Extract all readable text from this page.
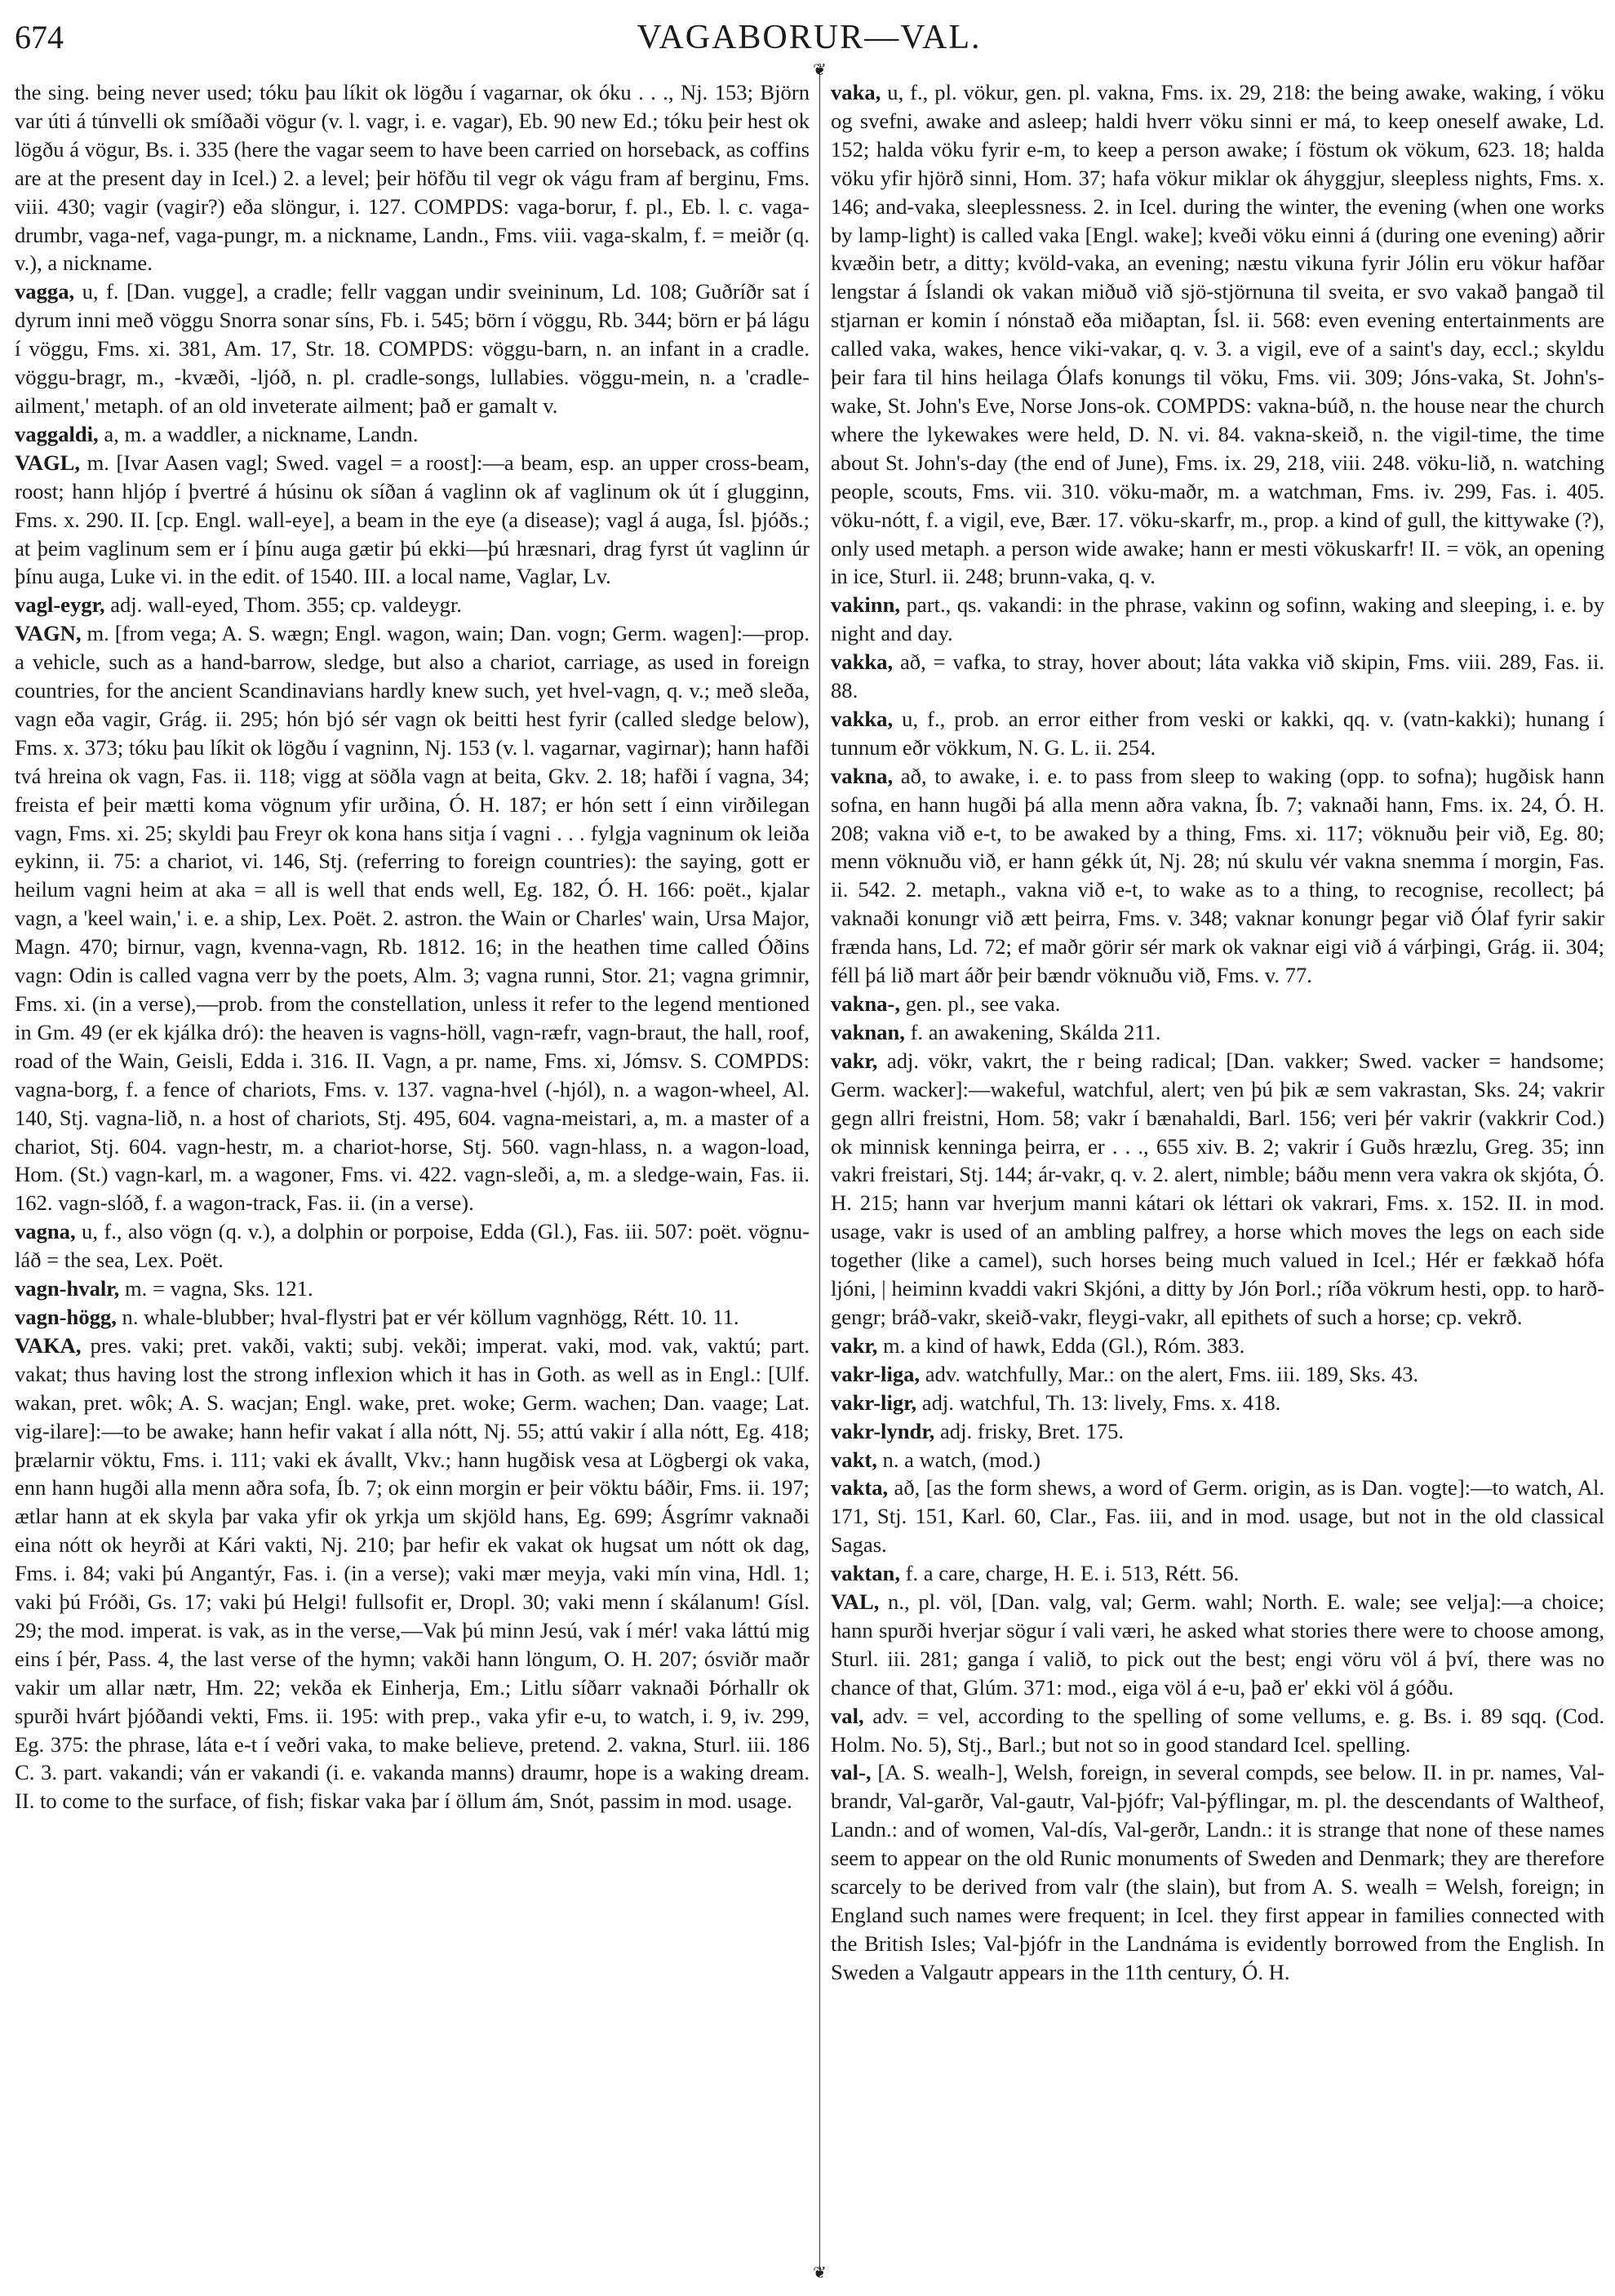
674	VAGABORUR—VAL.

the sing. being never used; tóku þau líkit ok lögðu í vagarnar, ok óku . . ., Nj. 153; Björn var úti á túnvelli ok smíðaði vögur (v. l. vagr, i. e. vagar), Eb. 90 new Ed.; tóku þeir hest ok lögðu á vögur, Bs. i. 335 (here the vagar seem to have been carried on horseback, as coffins are at the present day in Icel.) 2. a level; þeir höfðu til vegr ok vágu fram af berginu, Fms. viii. 430; vagir (vagir?) eða slöngur, i. 127. COMPDS: vaga-borur, f. pl., Eb. l. c. vaga-drumbr, vaga-nef, vaga-pungr, m. a nickname, Landn., Fms. viii. vaga-skalm, f. = meiðr (q. v.), a nickname.

vagga, u, f. [Dan. vugge], a cradle; fellr vaggan undir sveininum, Ld. 108; Guðríðr sat í dyrum inni með vöggu Snorra sonar síns, Fb. i. 545; börn í vöggu, Rb. 344; börn er þá lágu í vöggu, Fms. xi. 381, Am. 17, Str. 18. COMPDS: vöggu-barn, n. an infant in a cradle. vöggu-bragr, m., -kvæði, -ljóð, n. pl. cradle-songs, lullabies. vöggu-mein, n. a 'cradle-ailment,' metaph. of an old inveterate ailment; það er gamalt v.

vaggaldi, a, m. a waddler, a nickname, Landn.

VAGL, m. [Ivar Aasen vagl; Swed. vagel = a roost]:—a beam, esp. an upper cross-beam, roost; hann hljóp í þvertré á húsinu ok síðan á vaglinn ok af vaglinum ok út í glugginn, Fms. x. 290. II. [cp. Engl. wall-eye], a beam in the eye (a disease); vagl á auga, Ísl. þjóðs.; at þeim vaglinum sem er í þínu auga gætir þú ekki—þú hræsnari, drag fyrst út vaglinn úr þínu auga, Luke vi. in the edit. of 1540. III. a local name, Vaglar, Lv.

vagl-eygr, adj. wall-eyed, Thom. 355; cp. valdeygr.

VAGN, m. [from vega; A. S. wægn; Engl. wagon, wain; Dan. vogn; Germ. wagen]:—prop. a vehicle, such as a hand-barrow, sledge, but also a chariot, carriage, as used in foreign countries, for the ancient Scandinavians hardly knew such, yet hvel-vagn, q. v.; með sleða, vagn eða vagir, Grág. ii. 295; hón bjó sér vagn ok beitti hest fyrir (called sledge below), Fms. x. 373; tóku þau líkit ok lögðu í vagninn, Nj. 153 (v. l. vagarnar, vagirnar); hann hafði tvá hreina ok vagn, Fas. ii. 118; vigg at söðla vagn at beita, Gkv. 2. 18; hafði í vagna, 34; freista ef þeir mætti koma vögnum yfir urðina, Ó. H. 187; er hón sett í einn virðilegan vagn, Fms. xi. 25; skyldi þau Freyr ok kona hans sitja í vagni . . . fylgja vagninum ok leiða eykinn, ii. 75: a chariot, vi. 146, Stj. (referring to foreign countries): the saying, gott er heilum vagni heim at aka = all is well that ends well, Eg. 182, Ó. H. 166: poët., kjalar vagn, a 'keel wain,' i. e. a ship, Lex. Poët. 2. astron. the Wain or Charles' wain, Ursa Major, Magn. 470; birnur, vagn, kvenna-vagn, Rb. 1812. 16; in the heathen time called Óðins vagn: Odin is called vagna verr by the poets, Alm. 3; vagna runni, Stor. 21; vagna grimnir, Fms. xi. (in a verse),—prob. from the constellation, unless it refer to the legend mentioned in Gm. 49 (er ek kjálka dró): the heaven is vagns-höll, vagn-ræfr, vagn-braut, the hall, roof, road of the Wain, Geisli, Edda i. 316. II. Vagn, a pr. name, Fms. xi, Jómsv. S. COMPDS: vagna-borg, f. a fence of chariots, Fms. v. 137. vagna-hvel (-hjól), n. a wagon-wheel, Al. 140, Stj. vagna-lið, n. a host of chariots, Stj. 495, 604. vagna-meistari, a, m. a master of a chariot, Stj. 604. vagn-hestr, m. a chariot-horse, Stj. 560. vagn-hlass, n. a wagon-load, Hom. (St.) vagn-karl, m. a wagoner, Fms. vi. 422. vagn-sleði, a, m. a sledge-wain, Fas. ii. 162. vagn-slóð, f. a wagon-track, Fas. ii. (in a verse).

vagna, u, f., also vögn (q. v.), a dolphin or porpoise, Edda (Gl.), Fas. iii. 507: poët. vögnu-láð = the sea, Lex. Poët.

vagn-hvalr, m. = vagna, Sks. 121.

vagn-högg, n. whale-blubber; hval-flystri þat er vér köllum vagnhögg, Rétt. 10. 11.

VAKA, pres. vaki; pret. vakði, vakti; subj. vekði; imperat. vaki, mod. vak, vaktú; part. vakat; thus having lost the strong inflexion which it has in Goth. as well as in Engl.: [Ulf. wakan, pret. wôk; A. S. wacjan; Engl. wake, pret. woke; Germ. wachen; Dan. vaage; Lat. vig-ilare]:—to be awake; hann hefir vakat í alla nótt, Nj. 55; attú vakir í alla nótt, Eg. 418; þrælarnir vöktu, Fms. i. 111; vaki ek ávallt, Vkv.; hann hugðisk vesa at Lögbergi ok vaka, enn hann hugði alla menn aðra sofa, Íb. 7; ok einn morgin er þeir vöktu báðir, Fms. ii. 197; ætlar hann at ek skyla þar vaka yfir ok yrkja um skjöld hans, Eg. 699; Ásgrímr vaknaði eina nótt ok heyrði at Kári vakti, Nj. 210; þar hefir ek vakat ok hugsat um nótt ok dag, Fms. i. 84; vaki þú Angantýr, Fas. i. (in a verse); vaki mær meyja, vaki mín vina, Hdl. 1; vaki þú Fróði, Gs. 17; vaki þú Helgi! fullsofit er, Dropl. 30; vaki menn í skálanum! Gísl. 29; the mod. imperat. is vak, as in the verse,—Vak þú minn Jesú, vak í mér! vaka láttú mig eins í þér, Pass. 4, the last verse of the hymn; vakði hann löngum, O. H. 207; ósviðr maðr vakir um allar nætr, Hm. 22; vekða ek Einherja, Em.; Litlu síðarr vaknaði Þórhallr ok spurði hvárt þjóðandi vekti, Fms. ii. 195: with prep., vaka yfir e-u, to watch, i. 9, iv. 299, Eg. 375: the phrase, láta e-t í veðri vaka, to make believe, pretend. 2. vakna, Sturl. iii. 186 C. 3. part. vakandi; ván er vakandi (i. e. vakanda manns) draumr, hope is a waking dream. II. to come to the surface, of fish; fiskar vaka þar í öllum ám, Snót, passim in mod. usage.

❦
❦

vaka, u, f., pl. vökur, gen. pl. vakna, Fms. ix. 29, 218: the being awake, waking, í vöku og svefni, awake and asleep; haldi hverr vöku sinni er má, to keep oneself awake, Ld. 152; halda vöku fyrir e-m, to keep a person awake; í föstum ok vökum, 623. 18; halda vöku yfir hjörð sinni, Hom. 37; hafa vökur miklar ok áhyggjur, sleepless nights, Fms. x. 146; and-vaka, sleeplessness. 2. in Icel. during the winter, the evening (when one works by lamp-light) is called vaka [Engl. wake]; kveði vöku einni á (during one evening) aðrir kvæðin betr, a ditty; kvöld-vaka, an evening; næstu vikuna fyrir Jólin eru vökur hafðar lengstar á Íslandi ok vakan miðuð við sjö-stjörnuna til sveita, er svo vakað þangað til stjarnan er komin í nónstað eða miðaptan, Ísl. ii. 568: even evening entertainments are called vaka, wakes, hence viki-vakar, q. v. 3. a vigil, eve of a saint's day, eccl.; skyldu þeir fara til hins heilaga Ólafs konungs til vöku, Fms. vii. 309; Jóns-vaka, St. John's-wake, St. John's Eve, Norse Jons-ok. COMPDS: vakna-búð, n. the house near the church where the lykewakes were held, D. N. vi. 84. vakna-skeið, n. the vigil-time, the time about St. John's-day (the end of June), Fms. ix. 29, 218, viii. 248. vöku-lið, n. watching people, scouts, Fms. vii. 310. vöku-maðr, m. a watchman, Fms. iv. 299, Fas. i. 405. vöku-nótt, f. a vigil, eve, Bær. 17. vöku-skarfr, m., prop. a kind of gull, the kittywake (?), only used metaph. a person wide awake; hann er mesti vökuskarfr! II. = vök, an opening in ice, Sturl. ii. 248; brunn-vaka, q. v.

vakinn, part., qs. vakandi: in the phrase, vakinn og sofinn, waking and sleeping, i. e. by night and day.

vakka, að, = vafka, to stray, hover about; láta vakka við skipin, Fms. viii. 289, Fas. ii. 88.

vakka, u, f., prob. an error either from veski or kakki, qq. v. (vatn-kakki); hunang í tunnum eðr vökkum, N. G. L. ii. 254.

vakna, að, to awake, i. e. to pass from sleep to waking (opp. to sofna); hugðisk hann sofna, en hann hugði þá alla menn aðra vakna, Íb. 7; vaknaði hann, Fms. ix. 24, Ó. H. 208; vakna við e-t, to be awaked by a thing, Fms. xi. 117; vöknuðu þeir við, Eg. 80; menn vöknuðu við, er hann gékk út, Nj. 28; nú skulu vér vakna snemma í morgin, Fas. ii. 542. 2. metaph., vakna við e-t, to wake as to a thing, to recognise, recollect; þá vaknaði konungr við ætt þeirra, Fms. v. 348; vaknar konungr þegar við Ólaf fyrir sakir frænda hans, Ld. 72; ef maðr görir sér mark ok vaknar eigi við á várþingi, Grág. ii. 304; féll þá lið mart áðr þeir bændr vöknuðu við, Fms. v. 77.

vakna-, gen. pl., see vaka.

vaknan, f. an awakening, Skálda 211.

vakr, adj. vökr, vakrt, the r being radical; [Dan. vakker; Swed. vacker = handsome; Germ. wacker]:—wakeful, watchful, alert; ven þú þik æ sem vakrastan, Sks. 24; vakrir gegn allri freistni, Hom. 58; vakr í bænahaldi, Barl. 156; veri þér vakrir (vakkrir Cod.) ok minnisk kenninga þeirra, er . . ., 655 xiv. B. 2; vakrir í Guðs hræzlu, Greg. 35; inn vakri freistari, Stj. 144; ár-vakr, q. v. 2. alert, nimble; báðu menn vera vakra ok skjóta, Ó. H. 215; hann var hverjum manni kátari ok léttari ok vakrari, Fms. x. 152. II. in mod. usage, vakr is used of an ambling palfrey, a horse which moves the legs on each side together (like a camel), such horses being much valued in Icel.; Hér er fækkað hófa ljóni, | heiminn kvaddi vakri Skjóni, a ditty by Jón Þorl.; ríða vökrum hesti, opp. to harð-gengr; bráð-vakr, skeið-vakr, fleygi-vakr, all epithets of such a horse; cp. vekrð.

vakr, m. a kind of hawk, Edda (Gl.), Róm. 383.

vakr-liga, adv. watchfully, Mar.: on the alert, Fms. iii. 189, Sks. 43.

vakr-ligr, adj. watchful, Th. 13: lively, Fms. x. 418.

vakr-lyndr, adj. frisky, Bret. 175.

vakt, n. a watch, (mod.)

vakta, að, [as the form shews, a word of Germ. origin, as is Dan. vogte]:—to watch, Al. 171, Stj. 151, Karl. 60, Clar., Fas. iii, and in mod. usage, but not in the old classical Sagas.

vaktan, f. a care, charge, H. E. i. 513, Rétt. 56.

VAL, n., pl. völ, [Dan. valg, val; Germ. wahl; North. E. wale; see velja]:—a choice; hann spurði hverjar sögur í vali væri, he asked what stories there were to choose among, Sturl. iii. 281; ganga í valið, to pick out the best; engi vöru völ á því, there was no chance of that, Glúm. 371: mod., eiga völ á e-u, það er' ekki völ á góðu.

val, adv. = vel, according to the spelling of some vellums, e. g. Bs. i. 89 sqq. (Cod. Holm. No. 5), Stj., Barl.; but not so in good standard Icel. spelling.

val-, [A. S. wealh-], Welsh, foreign, in several compds, see below. II. in pr. names, Val-brandr, Val-garðr, Val-gautr, Val-þjófr; Val-þýflingar, m. pl. the descendants of Waltheof, Landn.: and of women, Val-dís, Val-gerðr, Landn.: it is strange that none of these names seem to appear on the old Runic monuments of Sweden and Denmark; they are therefore scarcely to be derived from valr (the slain), but from A. S. wealh = Welsh, foreign; in England such names were frequent; in Icel. they first appear in families connected with the British Isles; Val-þjófr in the Landnáma is evidently borrowed from the English. In Sweden a Valgautr appears in the 11th century, Ó. H.
